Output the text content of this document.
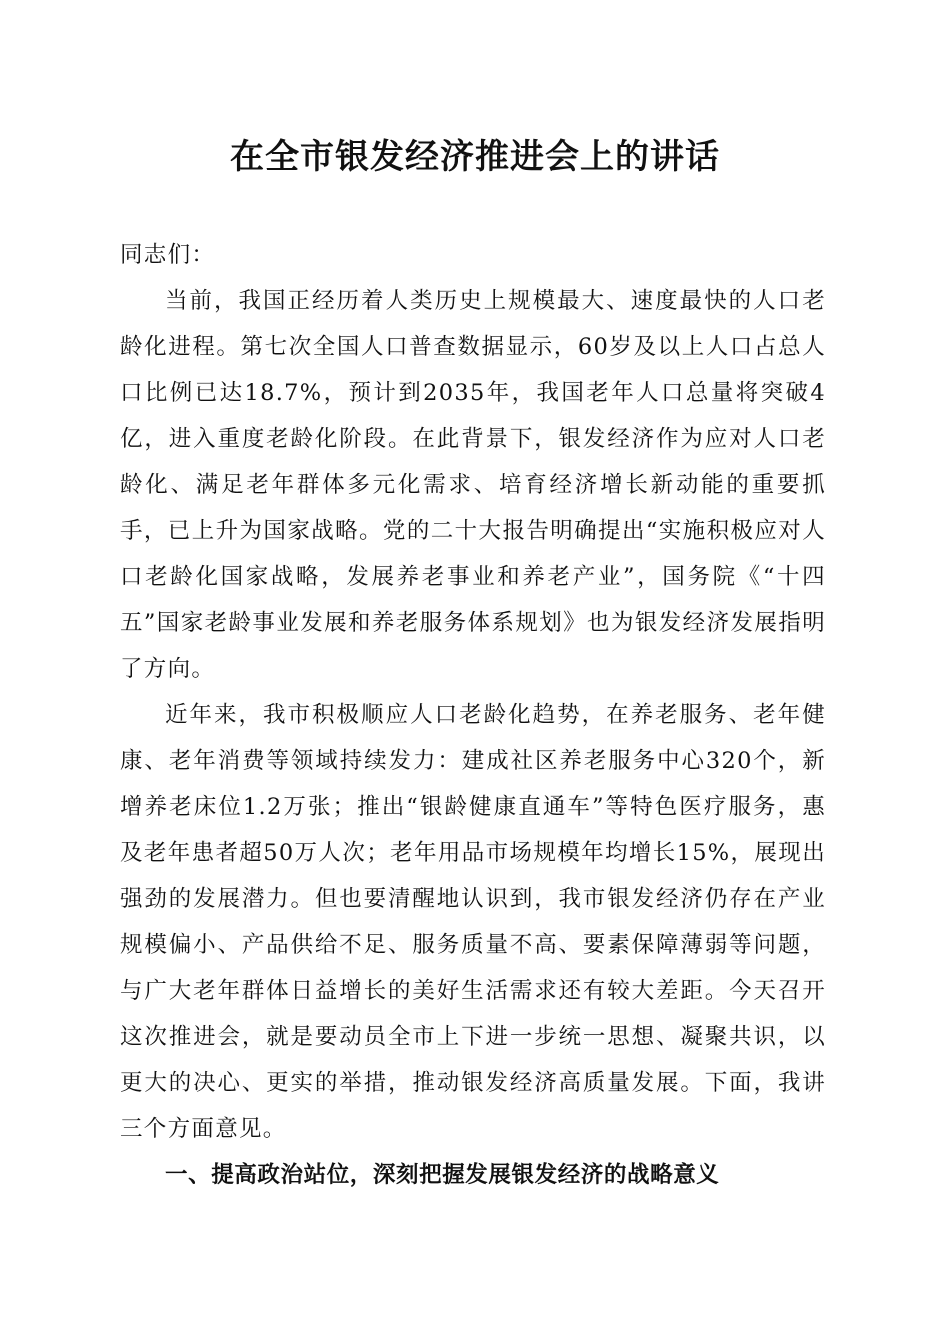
在全市银发经济推进会上的讲话

同志们：

当前，我国正经历着人类历史上规模最大、速度最快的人口老龄化进程。第七次全国人口普查数据显示，60岁及以上人口占总人口比例已达18.7%，预计到2035年，我国老年人口总量将突破4亿，进入重度老龄化阶段。在此背景下，银发经济作为应对人口老龄化、满足老年群体多元化需求、培育经济增长新动能的重要抓手，已上升为国家战略。党的二十大报告明确提出“实施积极应对人口老龄化国家战略，发展养老事业和养老产业”，国务院《“十四五”国家老龄事业发展和养老服务体系规划》也为银发经济发展指明了方向。

近年来，我市积极顺应人口老龄化趋势，在养老服务、老年健康、老年消费等领域持续发力：建成社区养老服务中心320个，新增养老床位1.2万张；推出“银龄健康直通车”等特色医疗服务，惠及老年患者超50万人次；老年用品市场规模年均增长15%，展现出强劲的发展潜力。但也要清醒地认识到，我市银发经济仍存在产业规模偏小、产品供给不足、服务质量不高、要素保障薄弱等问题，与广大老年群体日益增长的美好生活需求还有较大差距。今天召开这次推进会，就是要动员全市上下进一步统一思想、凝聚共识，以更大的决心、更实的举措，推动银发经济高质量发展。下面，我讲三个方面意见。

一、提高政治站位，深刻把握发展银发经济的战略意义
